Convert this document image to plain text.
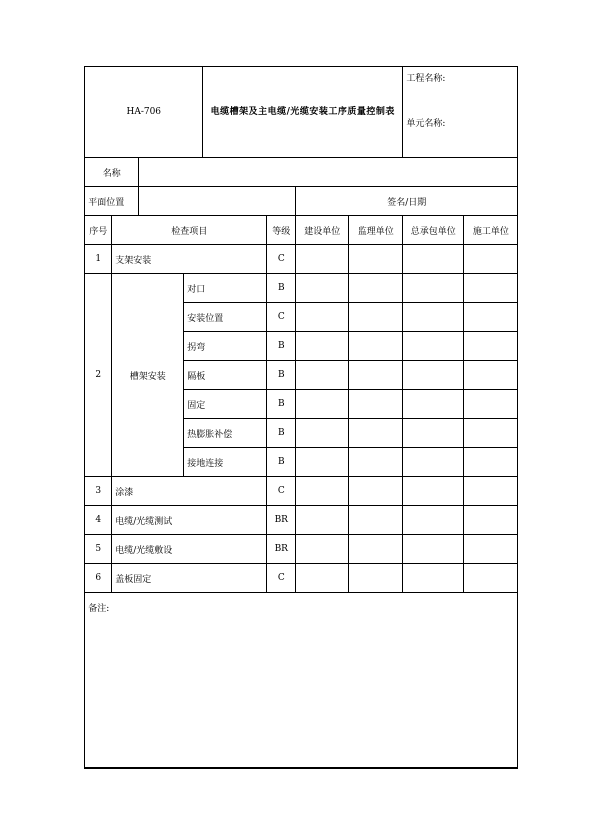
HA-706				电缆槽架及主电缆/光缆安装工序质量控制表				工程名称:
单元名称:	

名称									
平面位置						签名/日期			
序号	检查项目				等级	建设单位	监理单位	总承包单位	施工单位
1	支架安装				C				
2	槽架安装		对口		B				
			安装位置		C				
			拐弯		B				
			隔板		B				
			固定		B				
			热膨胀补偿		B				
			接地连接		B				
3	涂漆				C				
4	电缆/光缆测试				BR				
5	电缆/光缆敷设				BR				
6	盖板固定				C				
备注:									
